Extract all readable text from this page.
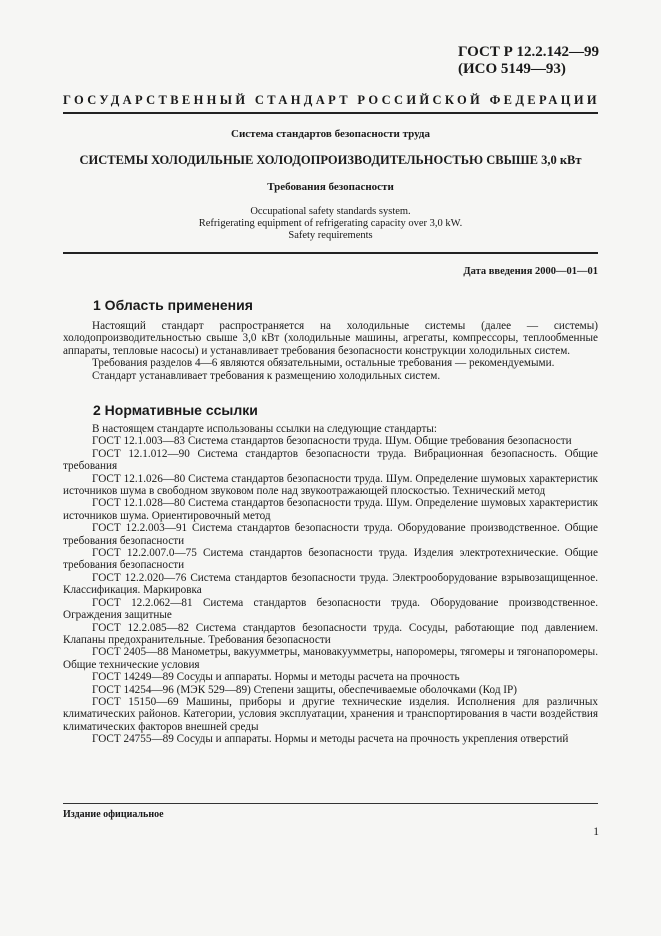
ГОСТ Р 12.2.142—99
(ИСО 5149—93)
ГОСУДАРСТВЕННЫЙ СТАНДАРТ РОССИЙСКОЙ ФЕДЕРАЦИИ
Система стандартов безопасности труда
СИСТЕМЫ ХОЛОДИЛЬНЫЕ ХОЛОДОПРОИЗВОДИТЕЛЬНОСТЬЮ СВЫШЕ 3,0 кВт
Требования безопасности
Occupational safety standards system.
Refrigerating equipment of refrigerating capacity over 3,0 kW.
Safety requirements
Дата введения 2000—01—01
1 Область применения
Настоящий стандарт распространяется на холодильные системы (далее — системы) холодопроизводительностью свыше 3,0 кВт (холодильные машины, агрегаты, компрессоры, теплообменные аппараты, тепловые насосы) и устанавливает требования безопасности конструкции холодильных систем.
Требования разделов 4—6 являются обязательными, остальные требования — рекомендуемыми.
Стандарт устанавливает требования к размещению холодильных систем.
2 Нормативные ссылки
В настоящем стандарте использованы ссылки на следующие стандарты:
ГОСТ 12.1.003—83 Система стандартов безопасности труда. Шум. Общие требования безопасности
ГОСТ 12.1.012—90 Система стандартов безопасности труда. Вибрационная безопасность. Общие требования
ГОСТ 12.1.026—80 Система стандартов безопасности труда. Шум. Определение шумовых характеристик источников шума в свободном звуковом поле над звукоотражающей плоскостью. Технический метод
ГОСТ 12.1.028—80 Система стандартов безопасности труда. Шум. Определение шумовых характеристик источников шума. Ориентировочный метод
ГОСТ 12.2.003—91 Система стандартов безопасности труда. Оборудование производственное. Общие требования безопасности
ГОСТ 12.2.007.0—75 Система стандартов безопасности труда. Изделия электротехнические. Общие требования безопасности
ГОСТ 12.2.020—76 Система стандартов безопасности труда. Электрооборудование взрывозащищенное. Классификация. Маркировка
ГОСТ 12.2.062—81 Система стандартов безопасности труда. Оборудование производственное. Ограждения защитные
ГОСТ 12.2.085—82 Система стандартов безопасности труда. Сосуды, работающие под давлением. Клапаны предохранительные. Требования безопасности
ГОСТ 2405—88 Манометры, вакуумметры, мановакуумметры, напоромеры, тягомеры и тягонапоромеры. Общие технические условия
ГОСТ 14249—89 Сосуды и аппараты. Нормы и методы расчета на прочность
ГОСТ 14254—96 (МЭК 529—89) Степени защиты, обеспечиваемые оболочками (Код IP)
ГОСТ 15150—69 Машины, приборы и другие технические изделия. Исполнения для различных климатических районов. Категории, условия эксплуатации, хранения и транспортирования в части воздействия климатических факторов внешней среды
ГОСТ 24755—89 Сосуды и аппараты. Нормы и методы расчета на прочность укрепления отверстий
Издание официальное
1
